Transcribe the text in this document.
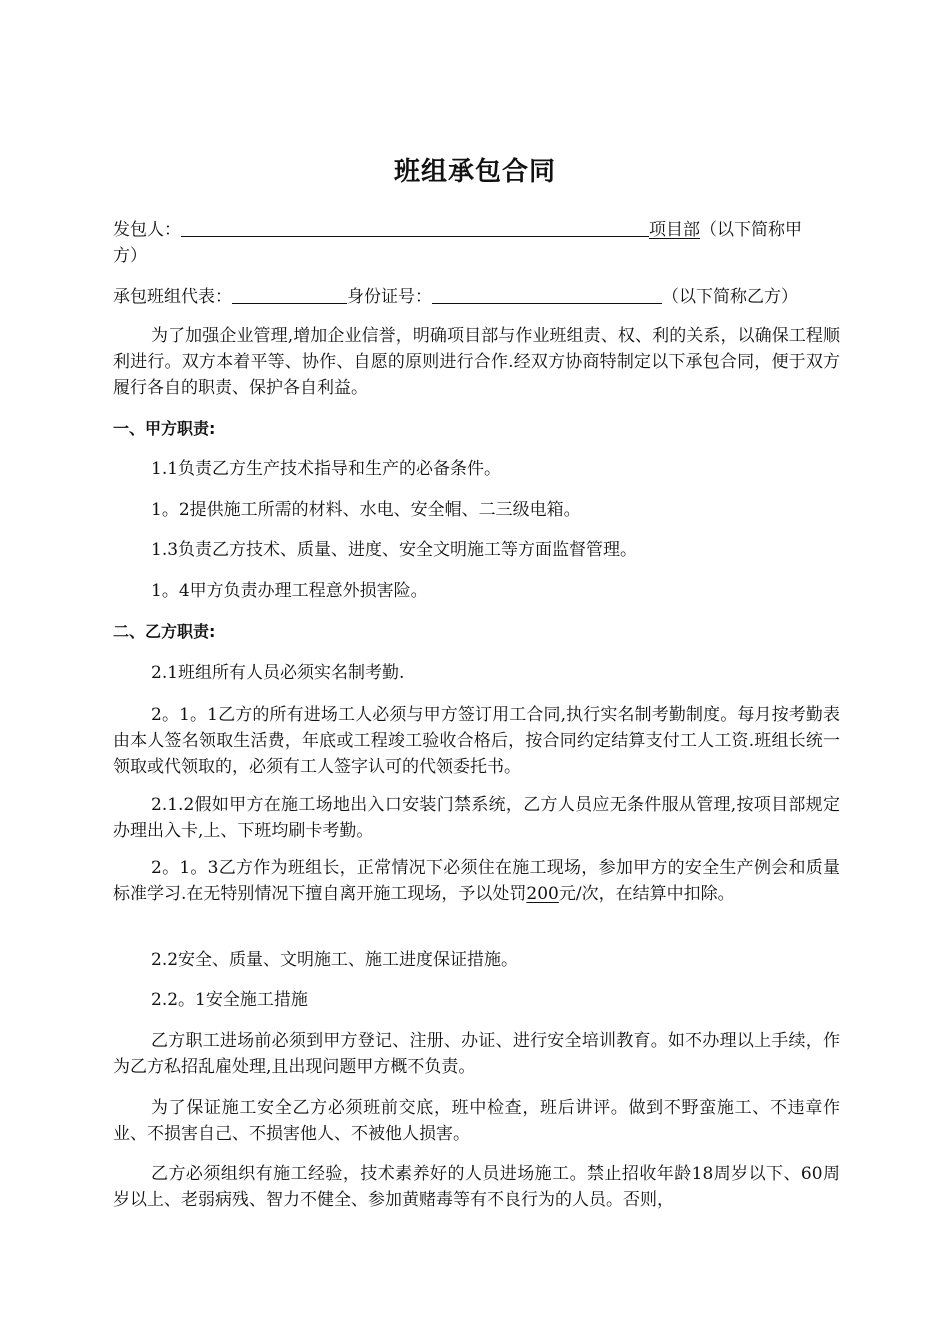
班组承包合同

发包人：	项目部（以下简称甲
方）

承包班组代表：	身份证号：	（以下简称乙方）

为了加强企业管理,增加企业信誉，明确项目部与作业班组责、权、利的关系，以确保工程顺利进行。双方本着平等、协作、自愿的原则进行合作.经双方协商特制定以下承包合同，便于双方履行各自的职责、保护各自利益。

一、甲方职责:

1.1负责乙方生产技术指导和生产的必备条件。

1。2提供施工所需的材料、水电、安全帽、二三级电箱。

1.3负责乙方技术、质量、进度、安全文明施工等方面监督管理。

1。4甲方负责办理工程意外损害险。

二、乙方职责:

2.1班组所有人员必须实名制考勤.

2。1。1乙方的所有进场工人必须与甲方签订用工合同,执行实名制考勤制度。每月按考勤表由本人签名领取生活费，年底或工程竣工验收合格后，按合同约定结算支付工人工资.班组长统一领取或代领取的，必须有工人签字认可的代领委托书。

2.1.2假如甲方在施工场地出入口安装门禁系统，乙方人员应无条件服从管理,按项目部规定办理出入卡,上、下班均刷卡考勤。

2。1。3乙方作为班组长，正常情况下必须住在施工现场，参加甲方的安全生产例会和质量标准学习.在无特别情况下擅自离开施工现场，予以处罚200元/次，在结算中扣除。

2.2安全、质量、文明施工、施工进度保证措施。

2.2。1安全施工措施

乙方职工进场前必须到甲方登记、注册、办证、进行安全培训教育。如不办理以上手续，作为乙方私招乱雇处理,且出现问题甲方概不负责。

为了保证施工安全乙方必须班前交底，班中检查，班后讲评。做到不野蛮施工、不违章作业、不损害自己、不损害他人、不被他人损害。

乙方必须组织有施工经验，技术素养好的人员进场施工。禁止招收年龄18周岁以下、60周岁以上、老弱病残、智力不健全、参加黄赌毒等有不良行为的人员。否则，
